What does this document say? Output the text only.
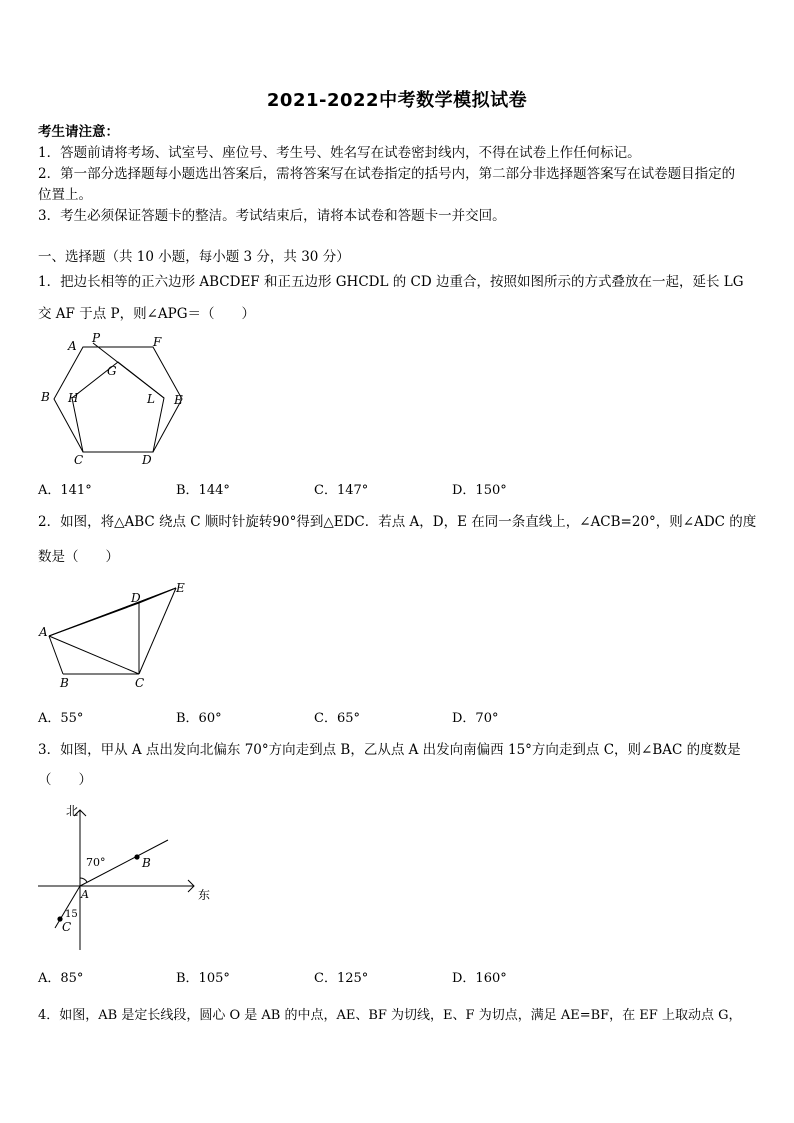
2021-2022中考数学模拟试卷
考生请注意：
1．答题前请将考场、试室号、座位号、考生号、姓名写在试卷密封线内，不得在试卷上作任何标记。
2．第一部分选择题每小题选出答案后，需将答案写在试卷指定的括号内，第二部分非选择题答案写在试卷题目指定的
位置上。
3．考生必须保证答题卡的整洁。考试结束后，请将本试卷和答题卡一并交回。
一、选择题（共 10 小题，每小题 3 分，共 30 分）
1．把边长相等的正六边形 ABCDEF 和正五边形 GHCDL 的 CD 边重合，按照如图所示的方式叠放在一起，延长 LG
交 AF 于点 P，则∠APG＝（　　）
A
P	F
G
B H	L E
C	D
A．141°	B．144°	C．147°	D．150°
2．如图，将△ABC 绕点 C 顺时针旋转90°得到△EDC．若点 A，D，E 在同一条直线上，∠ACB=20°，则∠ADC 的度
数是（　　）
D
E
A
B	C
A．55°	B．60°	C．65°	D．70°
3．如图，甲从 A 点出发向北偏东 70°方向走到点 B，乙从点 A 出发向南偏西 15°方向走到点 C，则∠BAC 的度数是
（　　）
北
70°	B
A	东
15
C
A．85°	B．105°	C．125°	D．160°
4．如图，AB 是定长线段，圆心 O 是 AB 的中点，AE、BF 为切线，E、F 为切点，满足 AE=BF，在 EF 上取动点 G，
